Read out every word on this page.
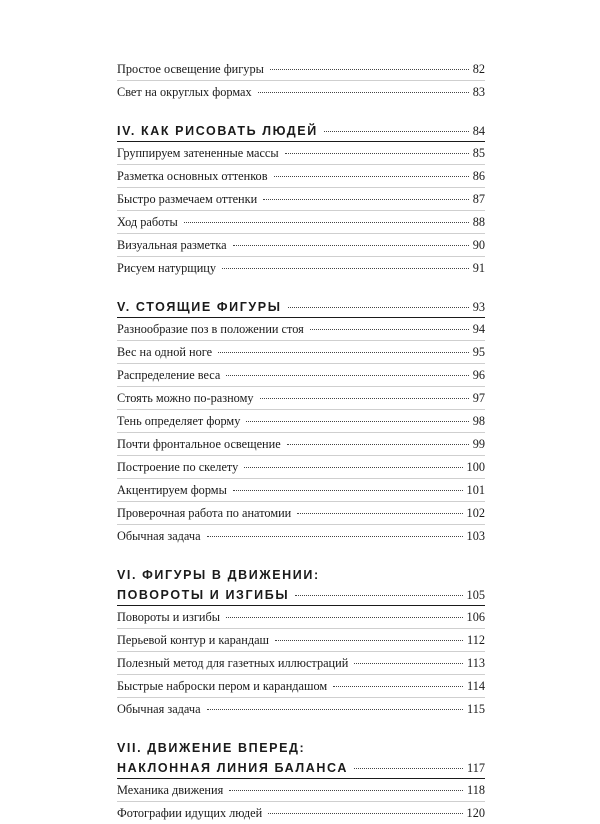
Простое освещение фигуры	82
Свет на округлых формах	83
IV. КАК РИСОВАТЬ ЛЮДЕЙ	84
Группируем затененные массы	85
Разметка основных оттенков	86
Быстро размечаем оттенки	87
Ход работы	88
Визуальная разметка	90
Рисуем натурщицу	91
V. СТОЯЩИЕ ФИГУРЫ	93
Разнообразие поз в положении стоя	94
Вес на одной ноге	95
Распределение веса	96
Стоять можно по-разному	97
Тень определяет форму	98
Почти фронтальное освещение	99
Построение по скелету	100
Акцентируем формы	101
Проверочная работа по анатомии	102
Обычная задача	103
VI. ФИГУРЫ В ДВИЖЕНИИ:
ПОВОРОТЫ И ИЗГИБЫ	105
Повороты и изгибы	106
Перьевой контур и карандаш	112
Полезный метод для газетных иллюстраций	113
Быстрые наброски пером и карандашом	114
Обычная задача	115
VII. ДВИЖЕНИЕ ВПЕРЕД:
НАКЛОННАЯ ЛИНИЯ БАЛАНСА	117
Механика движения	118
Фотографии идущих людей	120
